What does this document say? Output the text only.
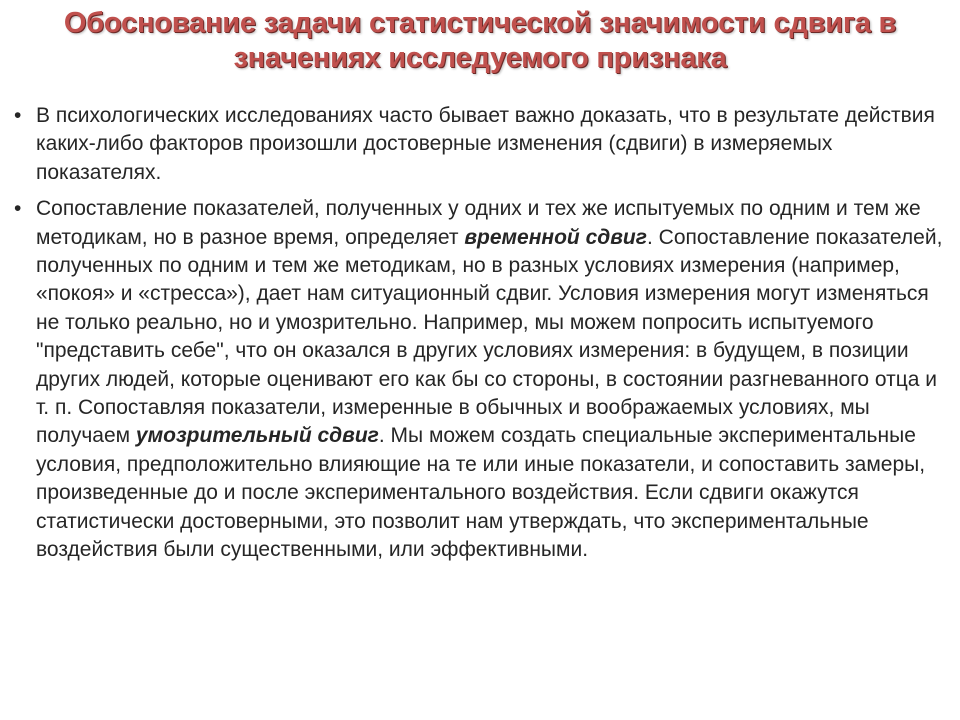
Обоснование задачи статистической значимости сдвига в значениях исследуемого признака
• В психологических исследованиях часто бывает важно доказать, что в результате действия каких-либо факторов произошли достоверные изменения (сдвиги) в измеряемых показателях.
• Сопоставление показателей, полученных у одних и тех же испытуемых по одним и тем же методикам, но в разное время, определяет временной сдвиг. Сопоставление показателей, полученных по одним и тем же методикам, но в разных условиях измерения (например, «покоя» и «стресса»), дает нам ситуационный сдвиг. Условия измерения могут изменяться не только реально, но и умозрительно. Например, мы можем попросить испытуемого "представить себе", что он оказался в других условиях измерения: в будущем, в позиции других людей, которые оценивают его как бы со стороны, в состоянии разгневанного отца и т. п. Сопоставляя показатели, измеренные в обычных и воображаемых условиях, мы получаем умозрительный сдвиг. Мы можем создать специальные экспериментальные условия, предположительно влияющие на те или иные показатели, и сопоставить замеры, произведенные до и после экспериментального воздействия. Если сдвиги окажутся статистически достоверными, это позволит нам утверждать, что экспериментальные воздействия были существенными, или эффективными.
